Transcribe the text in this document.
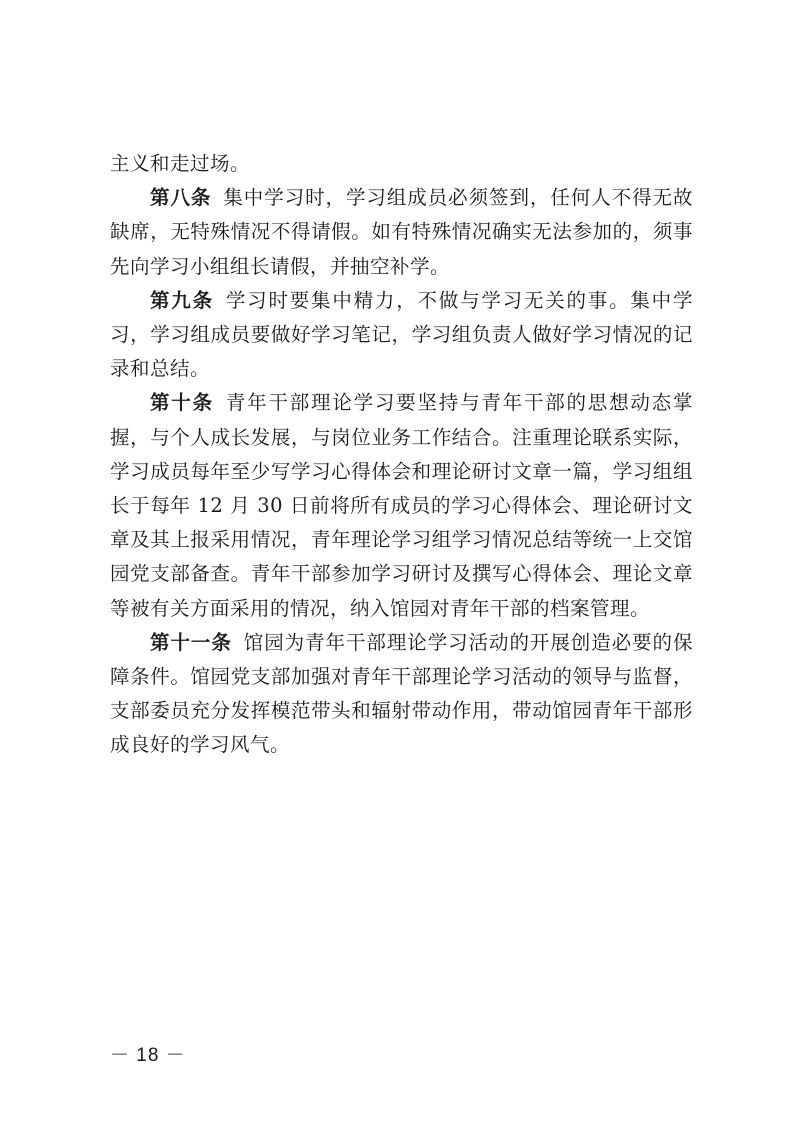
主义和走过场。

第八条 集中学习时，学习组成员必须签到，任何人不得无故缺席，无特殊情况不得请假。如有特殊情况确实无法参加的，须事先向学习小组组长请假，并抽空补学。

第九条 学习时要集中精力，不做与学习无关的事。集中学习，学习组成员要做好学习笔记，学习组负责人做好学习情况的记录和总结。

第十条 青年干部理论学习要坚持与青年干部的思想动态掌握，与个人成长发展，与岗位业务工作结合。注重理论联系实际，学习成员每年至少写学习心得体会和理论研讨文章一篇，学习组组长于每年 12 月 30 日前将所有成员的学习心得体会、理论研讨文章及其上报采用情况，青年理论学习组学习情况总结等统一上交馆园党支部备查。青年干部参加学习研讨及撰写心得体会、理论文章等被有关方面采用的情况，纳入馆园对青年干部的档案管理。

第十一条 馆园为青年干部理论学习活动的开展创造必要的保障条件。馆园党支部加强对青年干部理论学习活动的领导与监督，支部委员充分发挥模范带头和辐射带动作用，带动馆园青年干部形成良好的学习风气。

－ 18 －
